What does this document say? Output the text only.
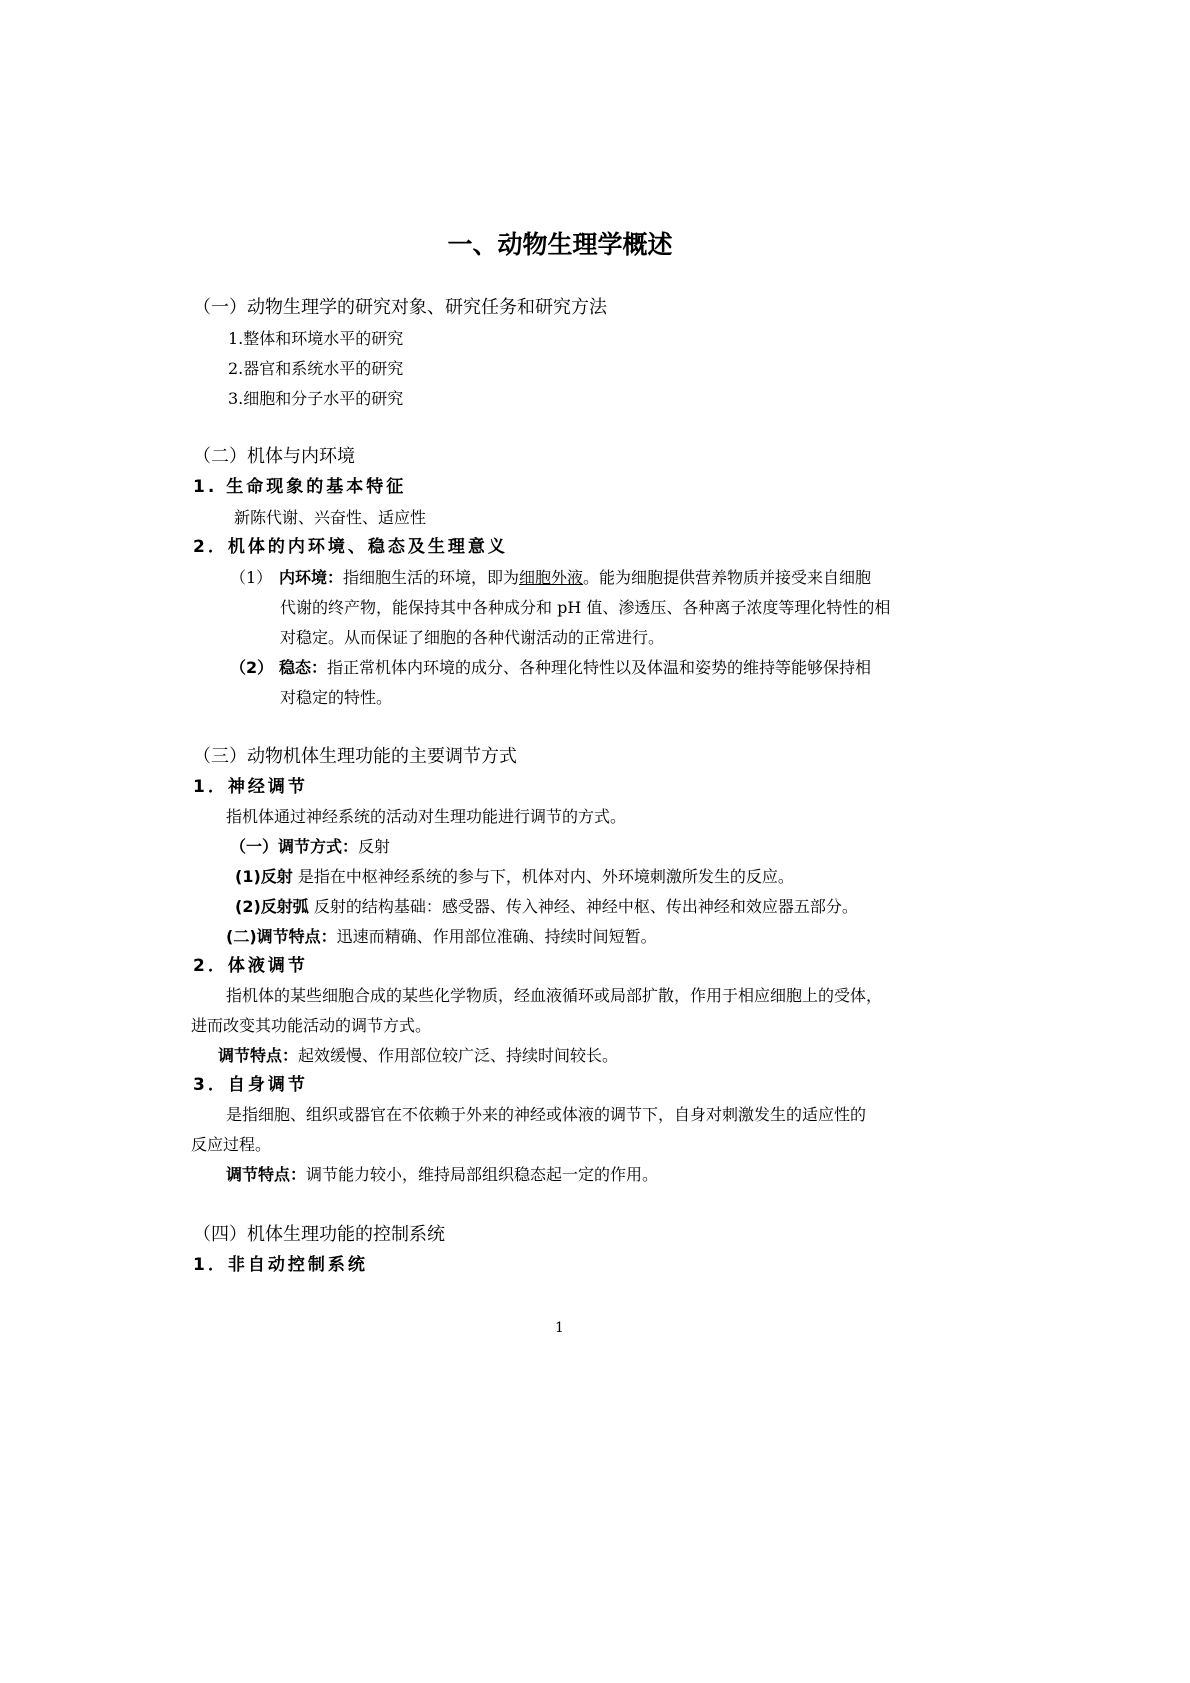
一、动物生理学概述
（一）动物生理学的研究对象、研究任务和研究方法
1.整体和环境水平的研究
2.器官和系统水平的研究
3.细胞和分子水平的研究
（二）机体与内环境
1. 生命现象的基本特征
新陈代谢、兴奋性、适应性
2．机体的内环境、稳态及生理意义
（1） 内环境：指细胞生活的环境，即为细胞外液。能为细胞提供营养物质并接受来自细胞
代谢的终产物，能保持其中各种成分和 pH 值、渗透压、各种离子浓度等理化特性的相
对稳定。从而保证了细胞的各种代谢活动的正常进行。
（2） 稳态：指正常机体内环境的成分、各种理化特性以及体温和姿势的维持等能够保持相
对稳定的特性。
（三）动物机体生理功能的主要调节方式
1．神经调节
指机体通过神经系统的活动对生理功能进行调节的方式。
（一）调节方式：反射
(1)反射 是指在中枢神经系统的参与下，机体对内、外环境刺激所发生的反应。
(2)反射弧 反射的结构基础：感受器、传入神经、神经中枢、传出神经和效应器五部分。
(二)调节特点：迅速而精确、作用部位准确、持续时间短暂。
2．体液调节
指机体的某些细胞合成的某些化学物质，经血液循环或局部扩散，作用于相应细胞上的受体，
进而改变其功能活动的调节方式。
调节特点：起效缓慢、作用部位较广泛、持续时间较长。
3．自身调节
是指细胞、组织或器官在不依赖于外来的神经或体液的调节下，自身对刺激发生的适应性的
反应过程。
调节特点：调节能力较小，维持局部组织稳态起一定的作用。
（四）机体生理功能的控制系统
1．非自动控制系统
1
